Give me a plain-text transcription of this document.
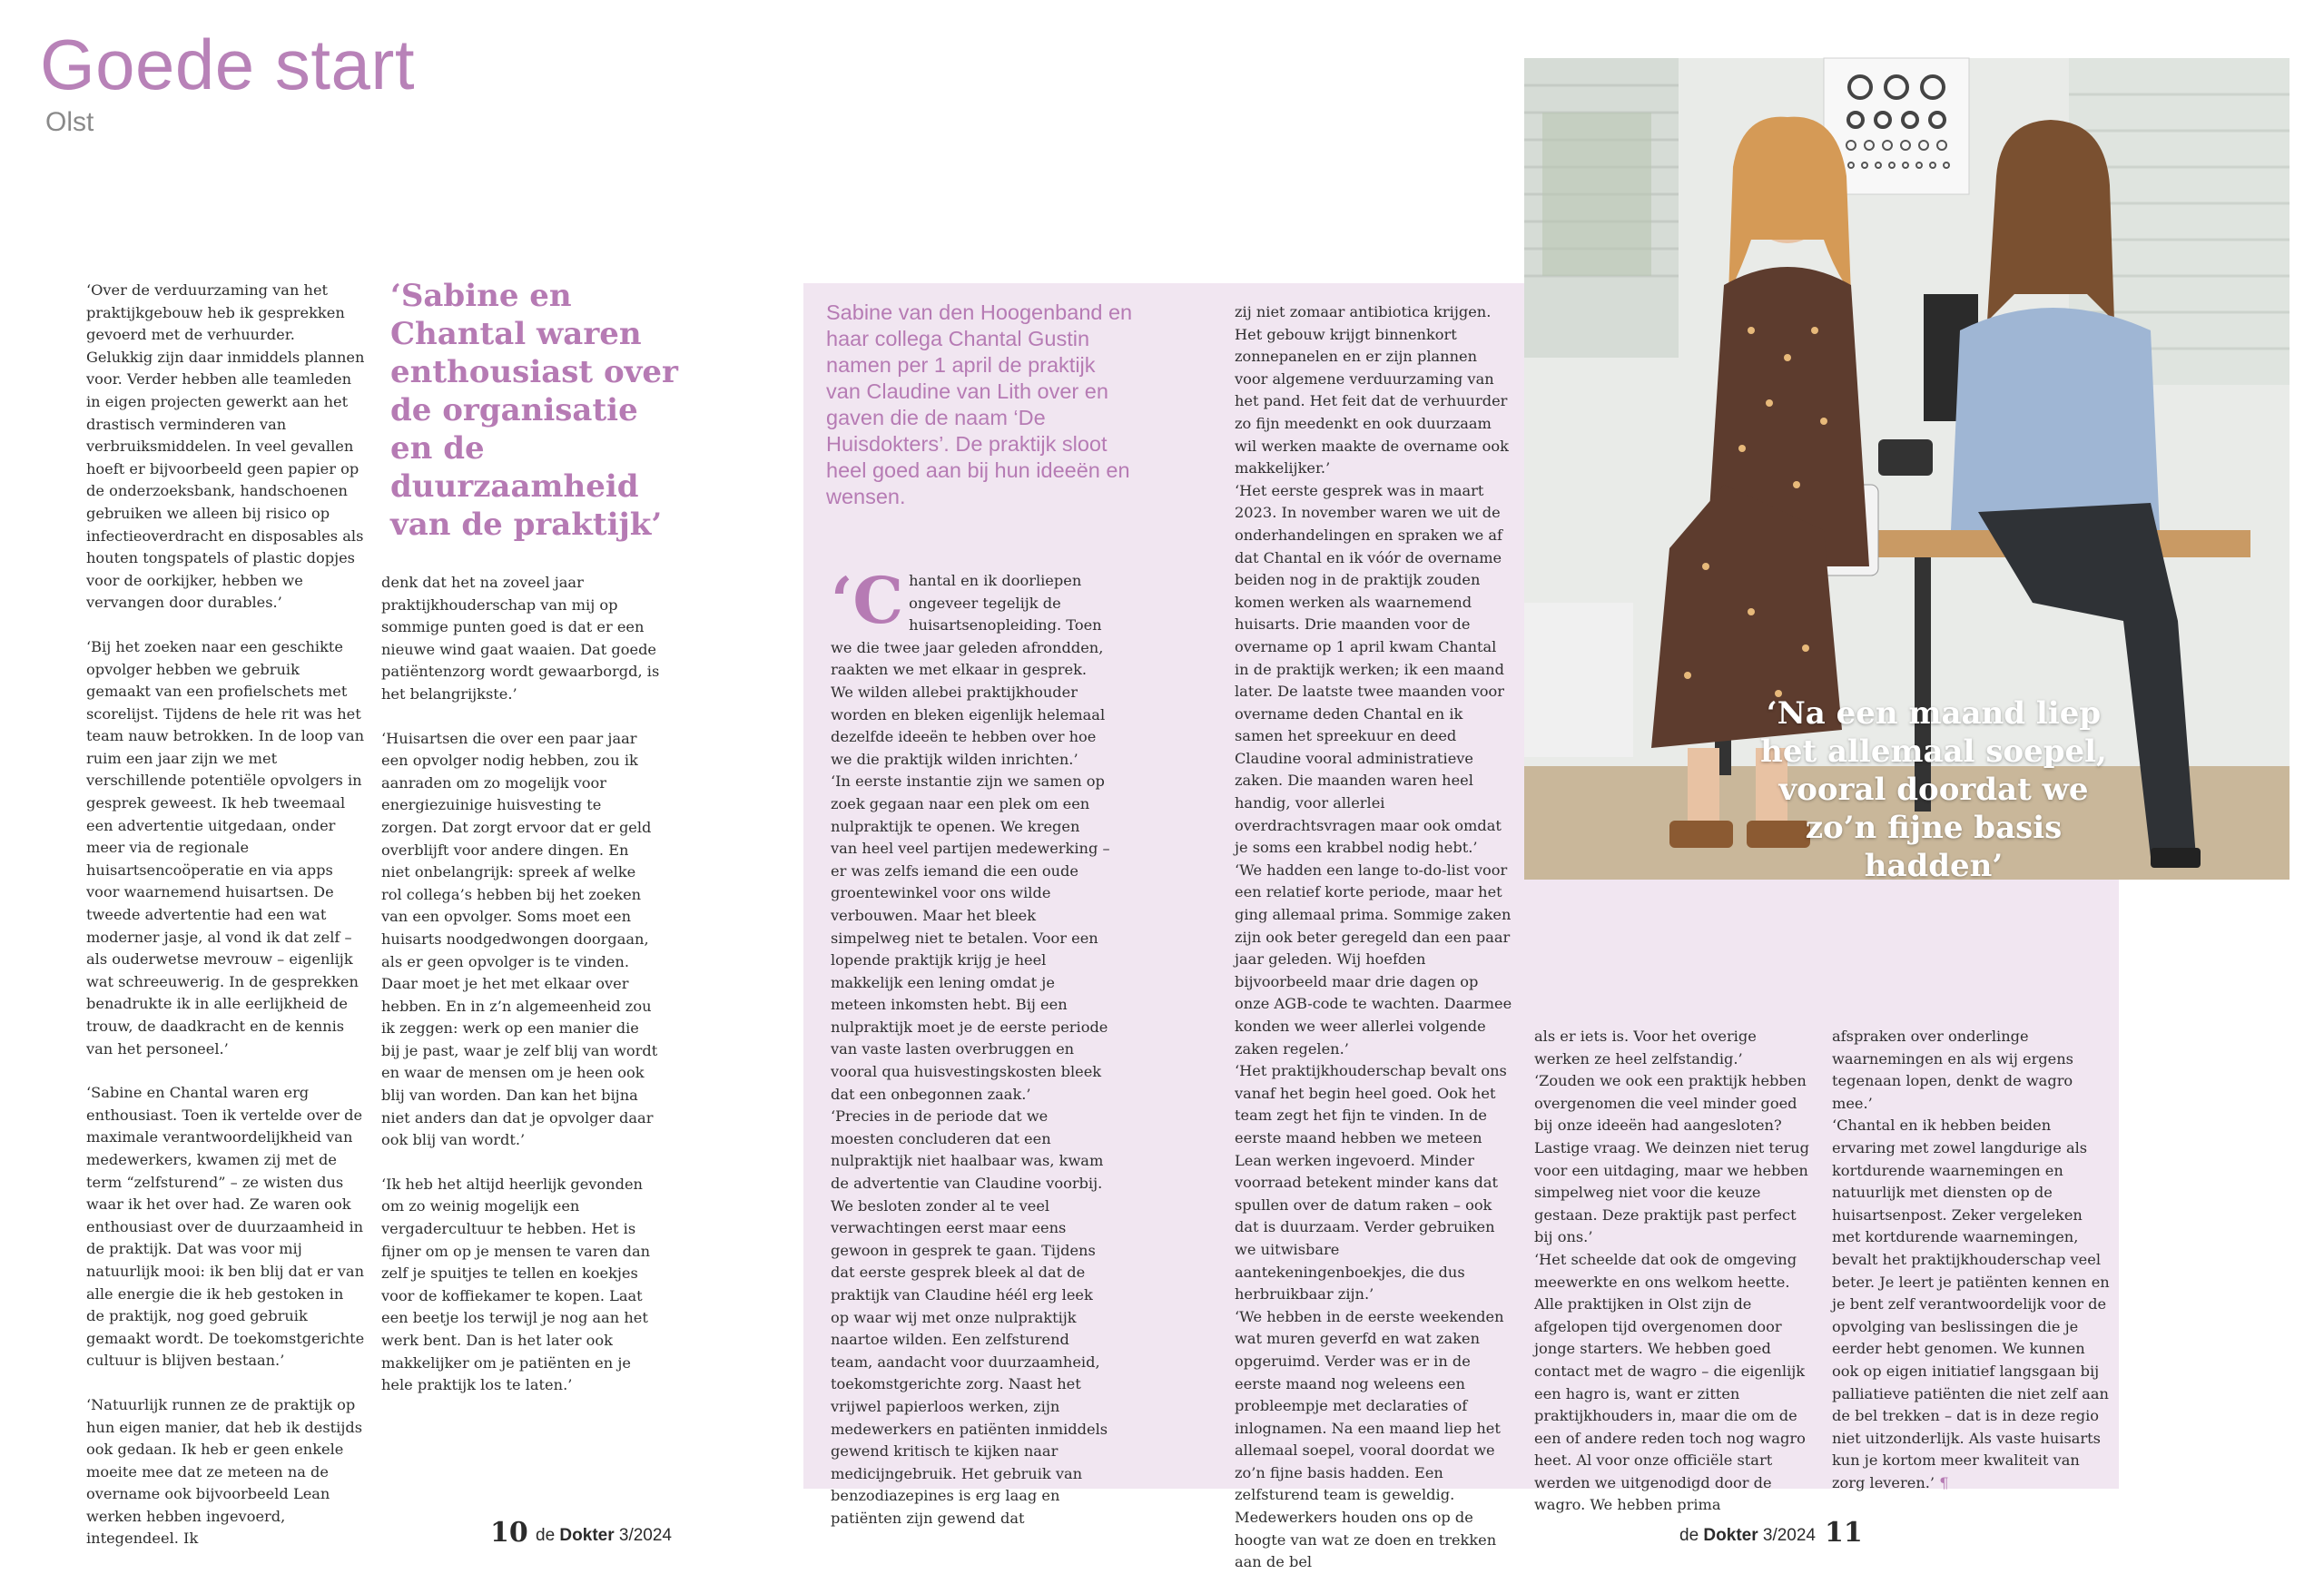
Goede start
Olst

‘Over de verduurzaming van het praktijkgebouw heb ik gesprekken gevoerd met de verhuurder. Gelukkig zijn daar inmiddels plannen voor. Verder hebben alle teamleden in eigen projecten gewerkt aan het drastisch verminderen van verbruiksmiddelen. In veel gevallen hoeft er bijvoorbeeld geen papier op de onderzoeksbank, handschoenen gebruiken we alleen bij risico op infectieoverdracht en disposables als houten tongspatels of plastic dopjes voor de oorkijker, hebben we vervangen door durables.’

‘Bij het zoeken naar een geschikte opvolger hebben we gebruik gemaakt van een profielschets met scorelijst. Tijdens de hele rit was het team nauw betrokken. In de loop van ruim een jaar zijn we met verschillende potentiële opvolgers in gesprek geweest. Ik heb tweemaal een advertentie uitgedaan, onder meer via de regionale huisartsencoöperatie en via apps voor waarnemend huisartsen. De tweede advertentie had een wat moderner jasje, al vond ik dat zelf – als ouderwetse mevrouw – eigenlijk wat schreeuwerig. In de gesprekken benadrukte ik in alle eerlijkheid de trouw, de daadkracht en de kennis van het personeel.’

‘Sabine en Chantal waren erg enthousiast. Toen ik vertelde over de maximale verantwoordelijkheid van medewerkers, kwamen zij met de term “zelfsturend” – ze wisten dus waar ik het over had. Ze waren ook enthousiast over de duurzaamheid in de praktijk. Dat was voor mij natuurlijk mooi: ik ben blij dat er van alle energie die ik heb gestoken in de praktijk, nog goed gebruik gemaakt wordt. De toekomstgerichte cultuur is blijven bestaan.’

‘Natuurlijk runnen ze de praktijk op hun eigen manier, dat heb ik destijds ook gedaan. Ik heb er geen enkele moeite mee dat ze meteen na de overname ook bijvoorbeeld Lean werken hebben ingevoerd, integendeel. Ik

‘Sabine en Chantal waren enthousiast over de organisatie en de duurzaamheid van de praktijk’

denk dat het na zoveel jaar praktijkhouderschap van mij op sommige punten goed is dat er een nieuwe wind gaat waaien. Dat goede patiëntenzorg wordt gewaarborgd, is het belangrijkste.’

‘Huisartsen die over een paar jaar een opvolger nodig hebben, zou ik aanraden om zo mogelijk voor energiezuinige huisvesting te zorgen. Dat zorgt ervoor dat er geld overblijft voor andere dingen. En niet onbelangrijk: spreek af welke rol collega’s hebben bij het zoeken van een opvolger. Soms moet een huisarts noodgedwongen doorgaan, als er geen opvolger is te vinden. Daar moet je het met elkaar over hebben. En in z’n algemeenheid zou ik zeggen: werk op een manier die bij je past, waar je zelf blij van wordt en waar de mensen om je heen ook blij van worden. Dan kan het bijna niet anders dan dat je opvolger daar ook blij van wordt.’

‘Ik heb het altijd heerlijk gevonden om zo weinig mogelijk een vergadercultuur te hebben. Het is fijner om op je mensen te varen dan zelf je spuitjes te tellen en koekjes voor de koffiekamer te kopen. Laat een beetje los terwijl je nog aan het werk bent. Dan is het later ook makkelijker om je patiënten en je hele praktijk los te laten.’

Sabine van den Hoogenband en haar collega Chantal Gustin namen per 1 april de praktijk van Claudine van Lith over en gaven die de naam ‘De Huisdokters’. De praktijk sloot heel goed aan bij hun ideeën en wensen.
‘C hantal en ik doorliepen ongeveer tegelijk de huisartsenopleiding. Toen we die twee jaar geleden afrondden, raakten we met elkaar in gesprek. We wilden allebei praktijkhouder worden en bleken eigenlijk helemaal dezelfde ideeën te hebben over hoe we die praktijk wilden inrichten.’

‘In eerste instantie zijn we samen op zoek gegaan naar een plek om een nulpraktijk te openen. We kregen van heel veel partijen medewerking – er was zelfs iemand die een oude groentewinkel voor ons wilde verbouwen. Maar het bleek simpelweg niet te betalen. Voor een lopende praktijk krijg je heel makkelijk een lening omdat je meteen inkomsten hebt. Bij een nulpraktijk moet je de eerste periode van vaste lasten overbruggen en vooral qua huisvestingskosten bleek dat een onbegonnen zaak.’

‘Precies in de periode dat we moesten concluderen dat een nulpraktijk niet haalbaar was, kwam de advertentie van Claudine voorbij. We besloten zonder al te veel verwachtingen eerst maar eens gewoon in gesprek te gaan. Tijdens dat eerste gesprek bleek al dat de praktijk van Claudine héél erg leek op waar wij met onze nulpraktijk naartoe wilden. Een zelfsturend team, aandacht voor duurzaamheid, toekomstgerichte zorg. Naast het vrijwel papierloos werken, zijn medewerkers en patiënten inmiddels gewend kritisch te kijken naar medicijngebruik. Het gebruik van benzodiazepines is erg laag en patiënten zijn gewend dat

zij niet zomaar antibiotica krijgen. Het gebouw krijgt binnenkort zonnepanelen en er zijn plannen voor algemene verduurzaming van het pand. Het feit dat de verhuurder zo fijn meedenkt en ook duurzaam wil werken maakte de overname ook makkelijker.’

‘Het eerste gesprek was in maart 2023. In november waren we uit de onderhandelingen en spraken we af dat Chantal en ik vóór de overname beiden nog in de praktijk zouden komen werken als waarnemend huisarts. Drie maanden voor de overname op 1 april kwam Chantal in de praktijk werken; ik een maand later. De laatste twee maanden voor overname deden Chantal en ik samen het spreekuur en deed Claudine vooral administratieve zaken. Die maanden waren heel handig, voor allerlei overdrachtsvragen maar ook omdat je soms een krabbel nodig hebt.’

‘We hadden een lange to-do-list voor een relatief korte periode, maar het ging allemaal prima. Sommige zaken zijn ook beter geregeld dan een paar jaar geleden. Wij hoefden bijvoorbeeld maar drie dagen op onze AGB-code te wachten. Daarmee konden we weer allerlei volgende zaken regelen.’

‘Het praktijkhouderschap bevalt ons vanaf het begin heel goed. Ook het team zegt het fijn te vinden. In de eerste maand hebben we meteen Lean werken ingevoerd. Minder voorraad betekent minder kans dat spullen over de datum raken – ook dat is duurzaam. Verder gebruiken we uitwisbare aantekeningenboekjes, die dus herbruikbaar zijn.’

‘We hebben in de eerste weekenden wat muren geverfd en wat zaken opgeruimd. Verder was er in de eerste maand nog weleens een probleempje met declaraties of inlognamen. Na een maand liep het allemaal soepel, vooral doordat we zo’n fijne basis hadden. Een zelfsturend team is geweldig. Medewerkers houden ons op de hoogte van wat ze doen en trekken aan de bel

als er iets is. Voor het overige werken ze heel zelfstandig.’

‘Zouden we ook een praktijk hebben overgenomen die veel minder goed bij onze ideeën had aangesloten? Lastige vraag. We deinzen niet terug voor een uitdaging, maar we hebben simpelweg niet voor die keuze gestaan. Deze praktijk past perfect bij ons.’

‘Het scheelde dat ook de omgeving meewerkte en ons welkom heette. Alle praktijken in Olst zijn de afgelopen tijd overgenomen door jonge starters. We hebben goed contact met de wagro – die eigenlijk een hagro is, want er zitten praktijkhouders in, maar die om de een of andere reden toch nog wagro heet. Al voor onze officiële start werden we uitgenodigd door de wagro. We hebben prima

afspraken over onderlinge waarnemingen en als wij ergens tegenaan lopen, denkt de wagro mee.’

‘Chantal en ik hebben beiden ervaring met zowel langdurige als kortdurende waarnemingen en natuurlijk met diensten op de huisartsenpost. Zeker vergeleken met kortdurende waarnemingen, bevalt het praktijkhouderschap veel beter. Je leert je patiënten kennen en je bent zelf verantwoordelijk voor de opvolging van beslissingen die je eerder hebt genomen. We kunnen ook op eigen initiatief langsgaan bij palliatieve patiënten die niet zelf aan de bel trekken – dat is in deze regio niet uitzonderlijk. Als vaste huisarts kun je kortom meer kwaliteit van zorg leveren.’ ¶

‘Na een maand liep het allemaal soepel, vooral doordat we zo’n fijne basis hadden’
10 de Dokter 3/2024	de Dokter 3/2024 11
